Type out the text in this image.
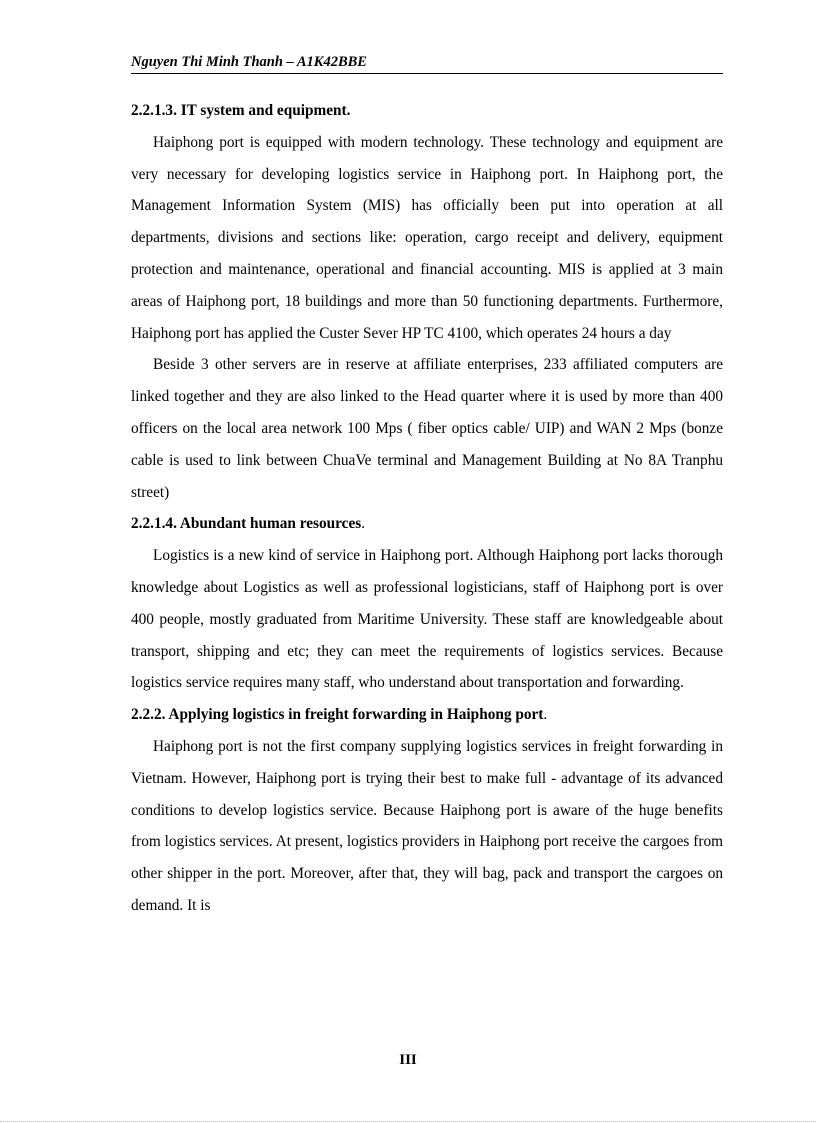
Nguyen Thi Minh Thanh – A1K42BBE

2.2.1.3. IT system and equipment.

Haiphong port is equipped with modern technology. These technology and equipment are very necessary for developing logistics service in Haiphong port. In Haiphong port, the Management Information System (MIS) has officially been put into operation at all departments, divisions and sections like: operation, cargo receipt and delivery, equipment protection and maintenance, operational and financial accounting. MIS is applied at 3 main areas of Haiphong port, 18 buildings and more than 50 functioning departments. Furthermore, Haiphong port has applied the Custer Sever HP TC 4100, which operates 24 hours a day

Beside 3 other servers are in reserve at affiliate enterprises, 233 affiliated computers are linked together and they are also linked to the Head quarter where it is used by more than 400 officers on the local area network 100 Mps ( fiber optics cable/ UIP) and WAN 2 Mps (bonze cable is used to link between ChuaVe terminal and Management Building at No 8A Tranphu street)

2.2.1.4. Abundant human resources.

Logistics is a new kind of service in Haiphong port. Although Haiphong port lacks thorough knowledge about Logistics as well as professional logisticians, staff of Haiphong port is over 400 people, mostly graduated from Maritime University. These staff are knowledgeable about transport, shipping and etc; they can meet the requirements of logistics services. Because logistics service requires many staff, who understand about transportation and forwarding.

2.2.2. Applying logistics in freight forwarding in Haiphong port.

Haiphong port is not the first company supplying logistics services in freight forwarding in Vietnam. However, Haiphong port is trying their best to make full - advantage of its advanced conditions to develop logistics service. Because Haiphong port is aware of the huge benefits from logistics services. At present, logistics providers in Haiphong port receive the cargoes from other shipper in the port. Moreover, after that, they will bag, pack and transport the cargoes on demand. It is

III
